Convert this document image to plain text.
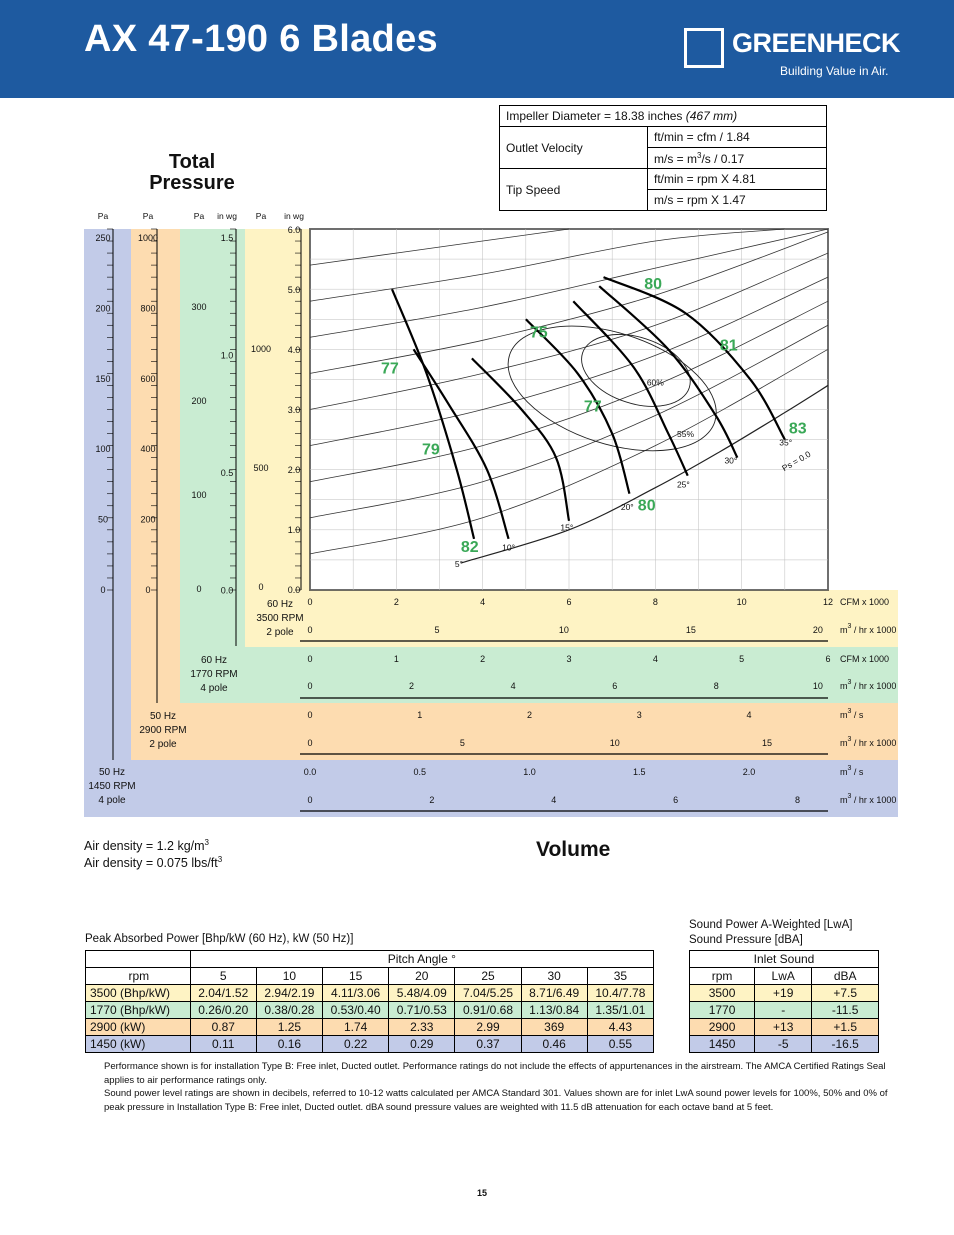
AX 47-190 6 Blades	GREENHECK
Building Value in Air.
Impeller Diameter = 18.38 inches (467 mm)	
Outlet Velocity	ft/min = cfm / 1.84
	$m/s = m^3/s / 0.17$
Tip Speed	ft/min = rpm X 4.81
	m/s = rpm X 1.47
Total
Pressure
Pa	Pa	Pa in wg Pa in wg
250
200
150
100
50
0
1000
800
600
400
200
0
300
200
100
0
1.5
1.0
0.5
0.0
1000
500
0
6.0
5.0
4.0
3.0
2.0
1.0
0.0
60 Hz
3500 RPM
2 pole
60 Hz
1770 RPM
4 pole
50 Hz
2900 RPM
2 pole
50 Hz
1450 RPM
4 pole
0	2	4	6	8	10	12 CFM x 1000
0	5	10	15	20 $m^3$ / hr x 1000
0	1	2	3	4	5	6 CFM x 1000
0	2	4	6	8	10 $m^3$ / hr x 1000
0	1	2	3	4	$m^3$ / s
0	5	10	15	$m^3$ / hr x 1000
0.0	0.5	1.0	1.5	2.0	$m^3$ / s
0	2	4	6	8	$m^3$ / hr x 1000
5°
10°
15°
20°
25°
30°
35°
55%
60%
Ps = 0.0
80
75
81
77
77
83
79
80
82
Volume
Air density = 1.2 $kg/m^3$
Air density = 0.075 lbs/$ft^3$
Peak Absorbed Power [Bhp/kW (60 Hz), kW (50 Hz)]
Sound Power A-Weighted [LwA]
Sound Pressure [dBA]
	Pitch Angle °						
rpm	5	10	15	20	25	30	35
3500 (Bhp/kW)	2.04/1.52	2.94/2.19	4.11/3.06	5.48/4.09	7.04/5.25	8.71/6.49	10.4/7.78
1770 (Bhp/kW)	0.26/0.20	0.38/0.28	0.53/0.40	0.71/0.53	0.91/0.68	1.13/0.84	1.35/1.01
2900 (kW)	0.87	1.25	1.74	2.33	2.99	369	4.43
1450 (kW)	0.11	0.16	0.22	0.29	0.37	0.46	0.55
Inlet Sound		
rpm	LwA	dBA
3500	+19	+7.5
1770	-	-11.5
2900	+13	+1.5
1450	-5	-16.5
Performance shown is for installation Type B: Free inlet, Ducted outlet. Performance ratings do not include the effects of appurtenances in the airstream. The AMCA Certified Ratings Seal applies to air performance ratings only.
Sound power level ratings are shown in decibels, referred to 10-12 watts calculated per AMCA Standard 301. Values shown are for inlet LwA sound power levels for 100%, 50% and 0% of peak pressure in Installation Type B: Free inlet, Ducted outlet. dBA sound pressure values are weighted with 11.5 dB attenuation for each octave band at 5 feet.
15
